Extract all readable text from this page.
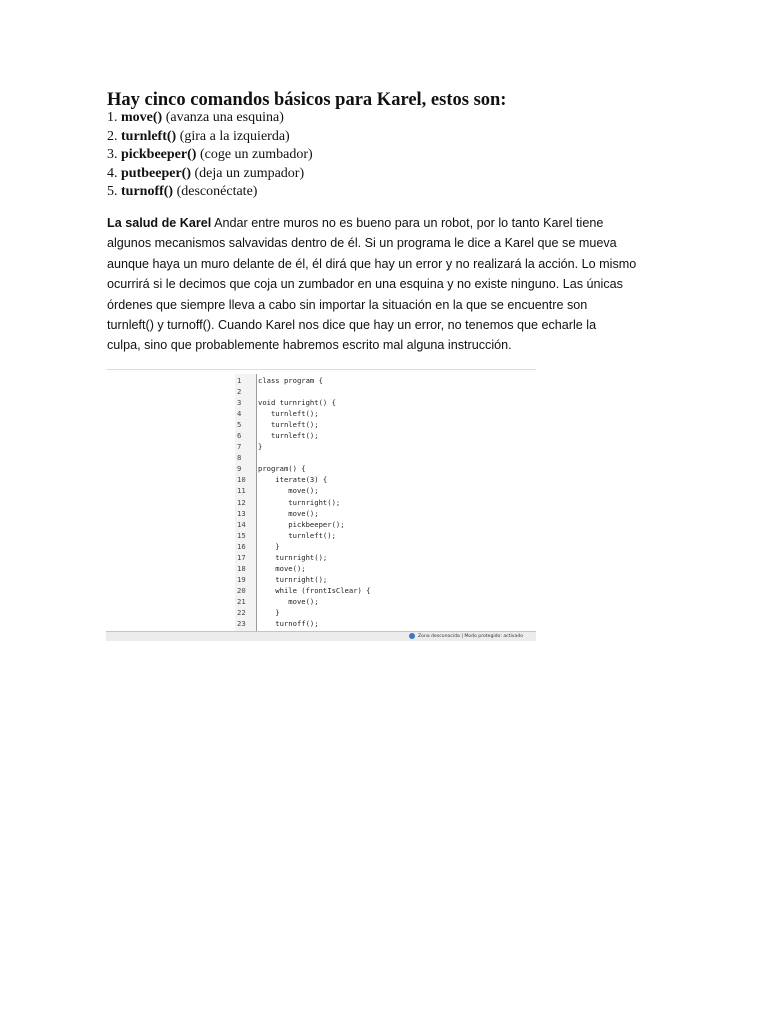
Hay cinco comandos básicos para Karel, estos son:
1. move() (avanza una esquina)
2. turnleft() (gira a la izquierda)
3. pickbeeper() (coge un zumbador)
4. putbeeper() (deja un zumpador)
5. turnoff() (desconéctate)
La salud de Karel Andar entre muros no es bueno para un robot, por lo tanto Karel tiene
algunos mecanismos salvavidas dentro de él. Si un programa le dice a Karel que se mueva
aunque haya un muro delante de él, él dirá que hay un error y no realizará la acción. Lo mismo
ocurrirá si le decimos que coja un zumbador en una esquina y no existe ninguno. Las únicas
órdenes que siempre lleva a cabo sin importar la situación en la que se encuentre son
turnleft() y turnoff(). Cuando Karel nos dice que hay un error, no tenemos que echarle la
culpa, sino que probablemente habremos escrito mal alguna instrucción.
1 class program {
2
3 void turnright() {
4   turnleft();
5   turnleft();
6   turnleft();
7 }
8
9 program() {
10    iterate(3) {
11       move();
12       turnright();
13       move();
14       pickbeeper();
15       turnleft();
16    }
17    turnright();
18    move();
19    turnright();
20    while (frontIsClear) {
21       move();
22    }
23    turnoff();
Zona desconocida | Modo protegido: activado
